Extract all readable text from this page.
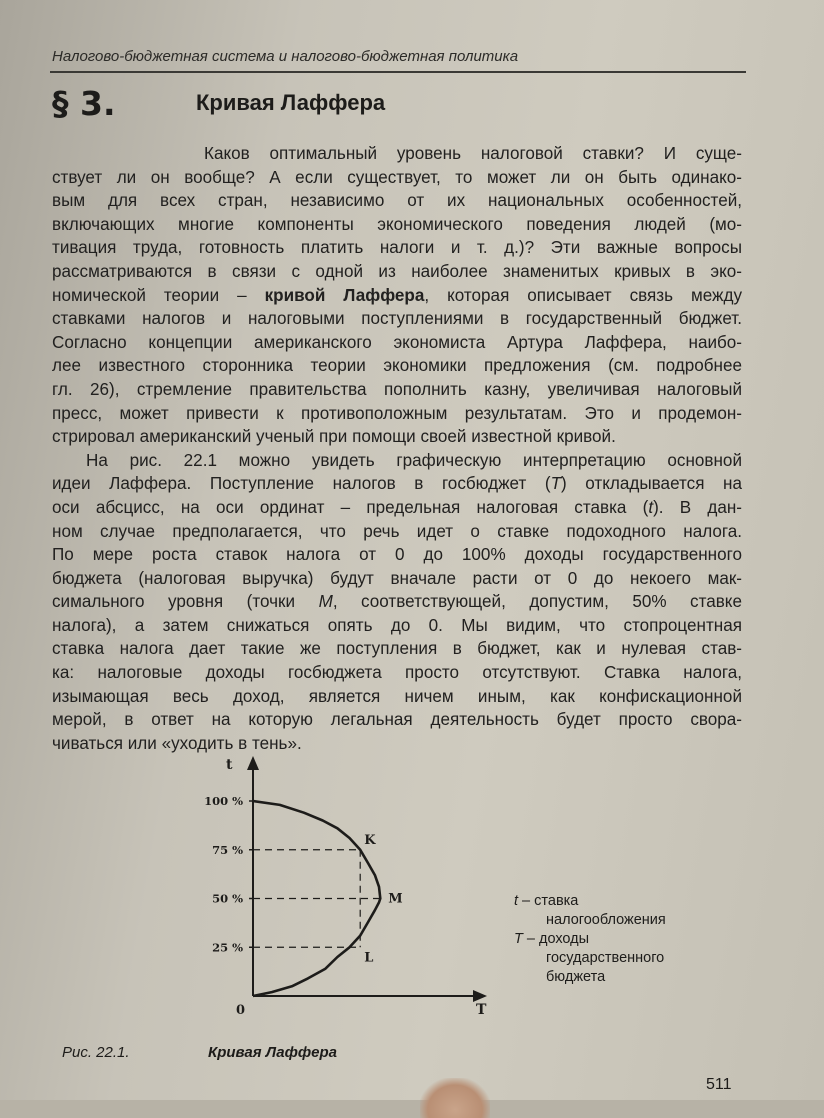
Налогово-бюджетная система и налогово-бюджетная политика
§ 3.	Кривая Лаффера
Каков оптимальный уровень налоговой ставки? И суще-
ствует ли он вообще? А если существует, то может ли он быть одинако-
вым для всех стран, независимо от их национальных особенностей,
включающих многие компоненты экономического поведения людей (мо-
тивация труда, готовность платить налоги и т. д.)? Эти важные вопросы
рассматриваются в связи с одной из наиболее знаменитых кривых в эко-
номической теории – кривой Лаффера, которая описывает связь между
ставками налогов и налоговыми поступлениями в государственный бюджет.
Согласно концепции американского экономиста Артура Лаффера, наибо-
лее известного сторонника теории экономики предложения (см. подробнее
гл. 26), стремление правительства пополнить казну, увеличивая налоговый
пресс, может привести к противоположным результатам. Это и продемон-
стрировал американский ученый при помощи своей известной кривой.
На рис. 22.1 можно увидеть графическую интерпретацию основной
идеи Лаффера. Поступление налогов в госбюджет (T) откладывается на
оси абсцисс, на оси ординат – предельная налоговая ставка (t). В дан-
ном случае предполагается, что речь идет о ставке подоходного налога.
По мере роста ставок налога от 0 до 100% доходы государственного
бюджета (налоговая выручка) будут вначале расти от 0 до некоего мак-
симального уровня (точки M, соответствующей, допустим, 50% ставке
налога), а затем снижаться опять до 0. Мы видим, что стопроцентная
ставка налога дает такие же поступления в бюджет, как и нулевая став-
ка: налоговые доходы госбюджета просто отсутствуют. Ставка налога,
изымающая весь доход, является ничем иным, как конфискационной
мерой, в ответ на которую легальная деятельность будет просто свора-
чиваться или «уходить в тень».
t
T
0
25 %
50 %
75 %
100 %
K
M
L
t – ставка
налогообложения
T – доходы
государственного
бюджета
Рис. 22.1.	Кривая Лаффера
511
